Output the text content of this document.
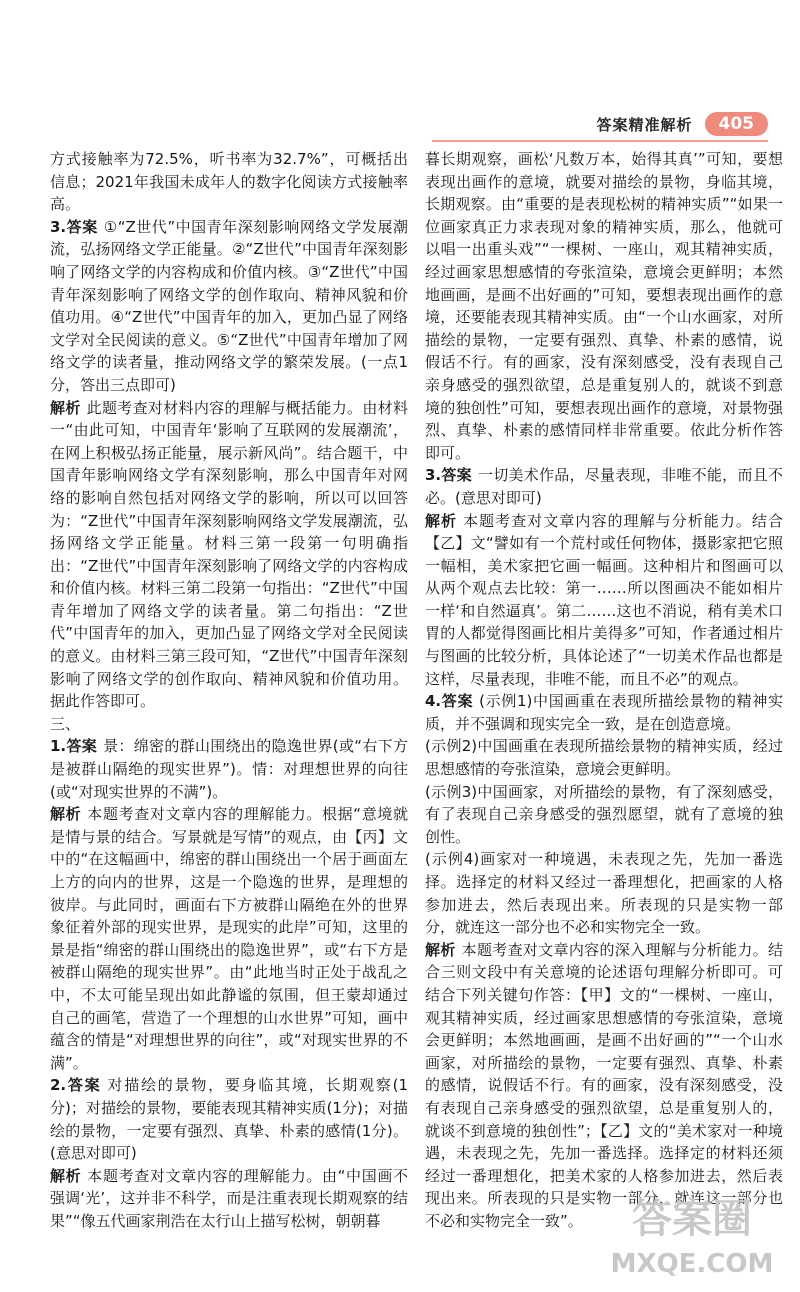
答案精准解析	405

方式接触率为72.5%，听书率为32.7%”，可概括出信息；2021年我国未成年人的数字化阅读方式接触率高。

3.答案 ①“Z世代”中国青年深刻影响网络文学发展潮流，弘扬网络文学正能量。②“Z世代”中国青年深刻影响了网络文学的内容构成和价值内核。③“Z世代”中国青年深刻影响了网络文学的创作取向、精神风貌和价值功用。④“Z世代”中国青年的加入，更加凸显了网络文学对全民阅读的意义。⑤“Z世代”中国青年增加了网络文学的读者量，推动网络文学的繁荣发展。(一点1分，答出三点即可)

解析 此题考查对材料内容的理解与概括能力。由材料一“由此可知，中国青年‘影响了互联网的发展潮流’，在网上积极弘扬正能量，展示新风尚”。结合题干，中国青年影响网络文学有深刻影响，那么中国青年对网络的影响自然包括对网络文学的影响，所以可以回答为：“Z世代”中国青年深刻影响网络文学发展潮流，弘扬网络文学正能量。材料三第一段第一句明确指出：“Z世代”中国青年深刻影响了网络文学的内容构成和价值内核。材料三第二段第一句指出：“Z世代”中国青年增加了网络文学的读者量。第二句指出：“Z世代”中国青年的加入，更加凸显了网络文学对全民阅读的意义。由材料三第三段可知，“Z世代”中国青年深刻影响了网络文学的创作取向、精神风貌和价值功用。据此作答即可。

三、

1.答案 景：绵密的群山围绕出的隐逸世界(或“右下方是被群山隔绝的现实世界”)。情：对理想世界的向往(或“对现实世界的不满”)。

解析 本题考查对文章内容的理解能力。根据“意境就是情与景的结合。写景就是写情”的观点，由【丙】文中的“在这幅画中，绵密的群山围绕出一个居于画面左上方的向内的世界，这是一个隐逸的世界，是理想的彼岸。与此同时，画面右下方被群山隔绝在外的世界象征着外部的现实世界，是现实的此岸”可知，这里的景是指“绵密的群山围绕出的隐逸世界”，或“右下方是被群山隔绝的现实世界”。由“此地当时正处于战乱之中，不太可能呈现出如此静谧的氛围，但王蒙却通过自己的画笔，营造了一个理想的山水世界”可知，画中蕴含的情是“对理想世界的向往”，或“对现实世界的不满”。

2.答案 对描绘的景物，要身临其境，长期观察(1分)；对描绘的景物，要能表现其精神实质(1分)；对描绘的景物，一定要有强烈、真挚、朴素的感情(1分)。(意思对即可)

解析 本题考查对文章内容的理解能力。由“中国画不强调‘光’，这并非不科学，而是注重表现长期观察的结果”“像五代画家荆浩在太行山上描写松树，朝朝暮

暮长期观察，画松‘凡数万本，始得其真’”可知，要想表现出画作的意境，就要对描绘的景物，身临其境，长期观察。由“重要的是表现松树的精神实质”“如果一位画家真正力求表现对象的精神实质，那么，他就可以唱一出重头戏”“一棵树、一座山，观其精神实质，经过画家思想感情的夸张渲染，意境会更鲜明；本然地画画，是画不出好画的”可知，要想表现出画作的意境，还要能表现其精神实质。由“一个山水画家，对所描绘的景物，一定要有强烈、真挚、朴素的感情，说假话不行。有的画家，没有深刻感受，没有表现自己亲身感受的强烈欲望，总是重复别人的，就谈不到意境的独创性”可知，要想表现出画作的意境，对景物强烈、真挚、朴素的感情同样非常重要。依此分析作答即可。

3.答案 一切美术作品，尽量表现，非唯不能，而且不必。(意思对即可)

解析 本题考查对文章内容的理解与分析能力。结合【乙】文“譬如有一个荒村或任何物体，摄影家把它照一幅相，美术家把它画一幅画。这种相片和图画可以从两个观点去比较：第一……所以图画决不能如相片一样‘和自然逼真’。第二……这也不消说，稍有美术口胃的人都觉得图画比相片美得多”可知，作者通过相片与图画的比较分析，具体论述了“一切美术作品也都是这样，尽量表现，非唯不能，而且不必”的观点。

4.答案 (示例1)中国画重在表现所描绘景物的精神实质，并不强调和现实完全一致，是在创造意境。

(示例2)中国画重在表现所描绘景物的精神实质，经过思想感情的夸张渲染，意境会更鲜明。

(示例3)中国画家，对所描绘的景物，有了深刻感受，有了表现自己亲身感受的强烈愿望，就有了意境的独创性。

(示例4)画家对一种境遇，未表现之先，先加一番选择。选择定的材料又经过一番理想化，把画家的人格参加进去，然后表现出来。所表现的只是实物一部分，就连这一部分也不必和实物完全一致。

解析 本题考查对文章内容的深入理解与分析能力。结合三则文段中有关意境的论述语句理解分析即可。可结合下列关键句作答：【甲】文的“一棵树、一座山，观其精神实质，经过画家思想感情的夸张渲染，意境会更鲜明；本然地画画，是画不出好画的”“一个山水画家，对所描绘的景物，一定要有强烈、真挚、朴素的感情，说假话不行。有的画家，没有深刻感受，没有表现自己亲身感受的强烈欲望，总是重复别人的，就谈不到意境的独创性”；【乙】文的“美术家对一种境遇，未表现之先，先加一番选择。选择定的材料还须经过一番理想化，把美术家的人格参加进去，然后表现出来。所表现的只是实物一部分，就连这一部分也不必和实物完全一致”。	答案圈
MXQE.COM
